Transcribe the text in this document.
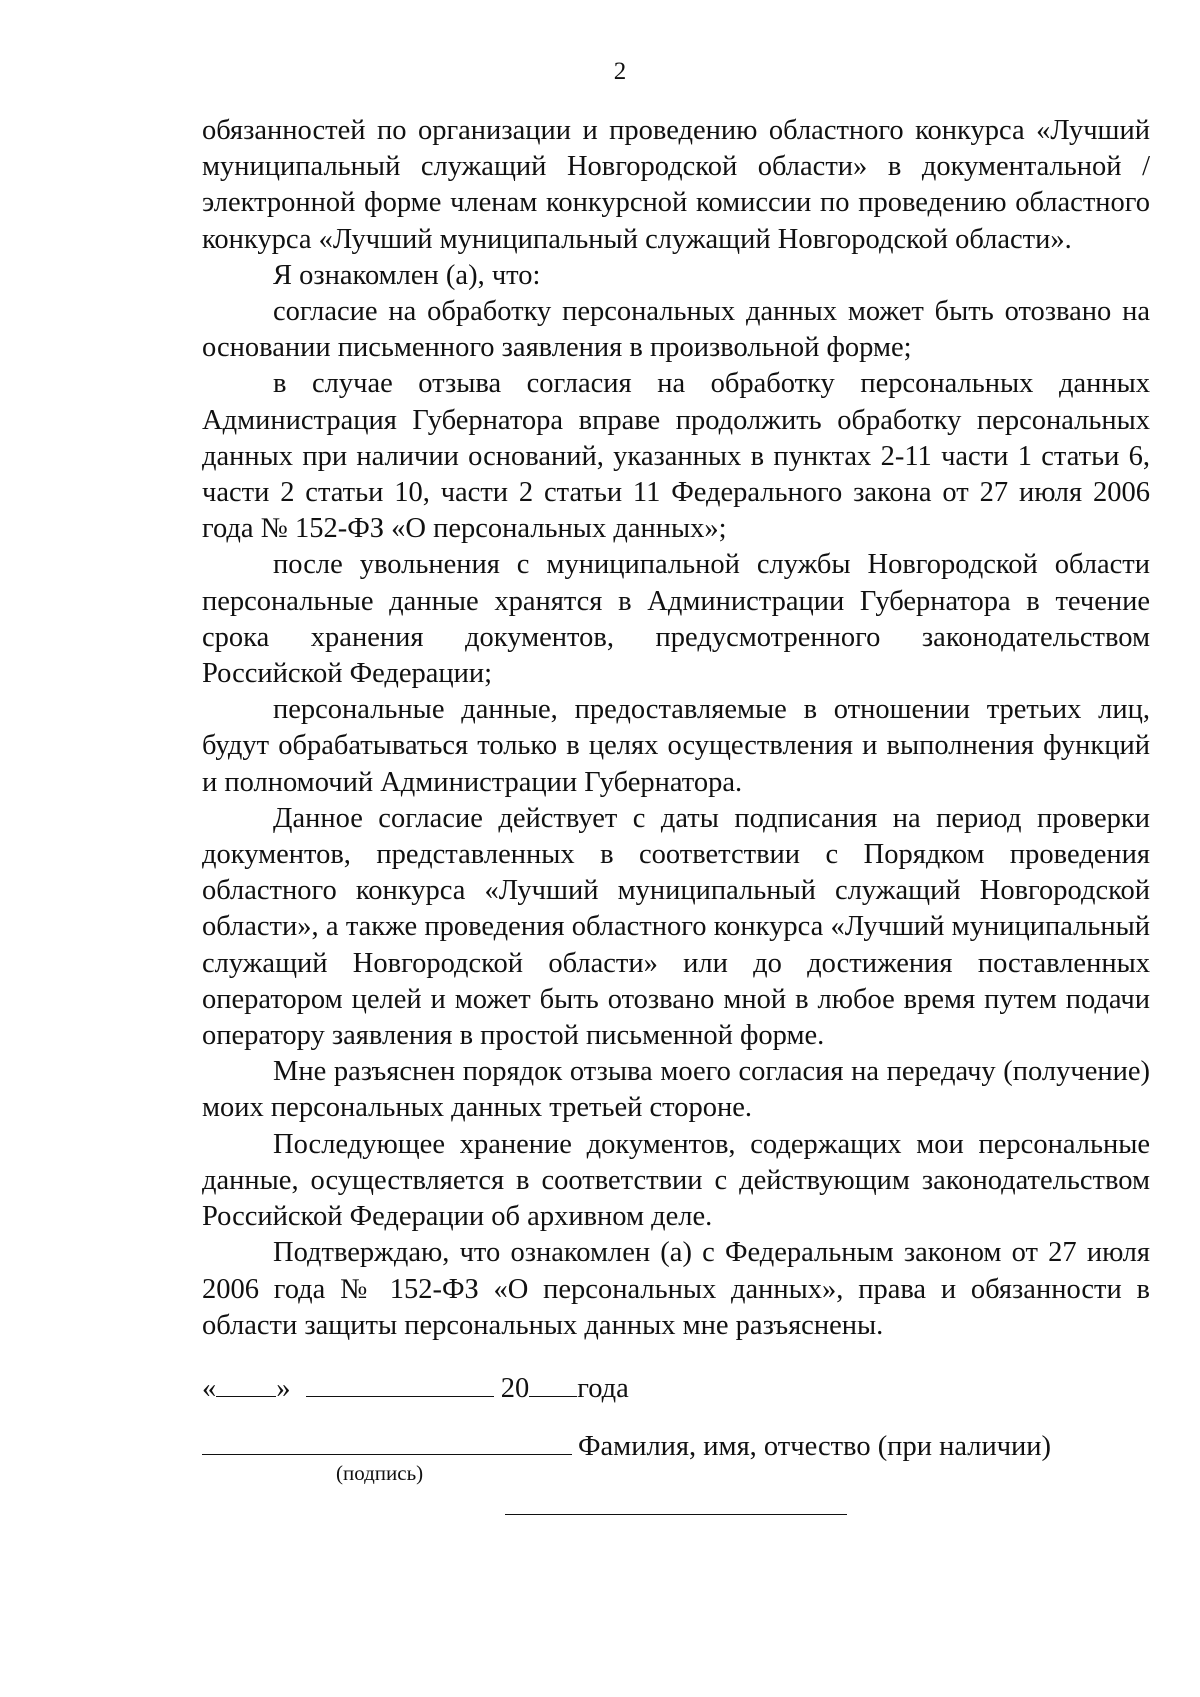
2

обязанностей по организации и проведению областного конкурса «Лучший муниципальный служащий Новгородской области» в документальной / электронной форме членам конкурсной комиссии по проведению областного конкурса «Лучший муниципальный служащий Новгородской области».

Я ознакомлен (а), что:

согласие на обработку персональных данных может быть отозвано на основании письменного заявления в произвольной форме;

в случае отзыва согласия на обработку персональных данных Администрация Губернатора вправе продолжить обработку персональных данных при наличии оснований, указанных в пунктах 2-11 части 1 статьи 6, части 2 статьи 10, части 2 статьи 11 Федерального закона от 27 июля 2006 года № 152-ФЗ «О персональных данных»;

после увольнения с муниципальной службы Новгородской области персональные данные хранятся в Администрации Губернатора в течение срока хранения документов, предусмотренного законодательством Российской Федерации;

персональные данные, предоставляемые в отношении третьих лиц, будут обрабатываться только в целях осуществления и выполнения функций и полномочий Администрации Губернатора.

Данное согласие действует с даты подписания на период проверки документов, представленных в соответствии с Порядком проведения областного конкурса «Лучший муниципальный служащий Новгородской области», а также проведения областного конкурса «Лучший муниципальный служащий Новгородской области» или до достижения поставленных оператором целей и может быть отозвано мной в любое время путем подачи оператору заявления в простой письменной форме.

Мне разъяснен порядок отзыва моего согласия на передачу (получение) моих персональных данных третьей стороне.

Последующее хранение документов, содержащих мои персональные данные, осуществляется в соответствии с действующим законодательством Российской Федерации об архивном деле.

Подтверждаю, что ознакомлен (а) с Федеральным законом от 27 июля 2006 года № 152-ФЗ «О персональных данных», права и обязанности в области защиты персональных данных мне разъяснены.

« »	20 года
Фамилия, имя, отчество (при наличии)
(подпись)
